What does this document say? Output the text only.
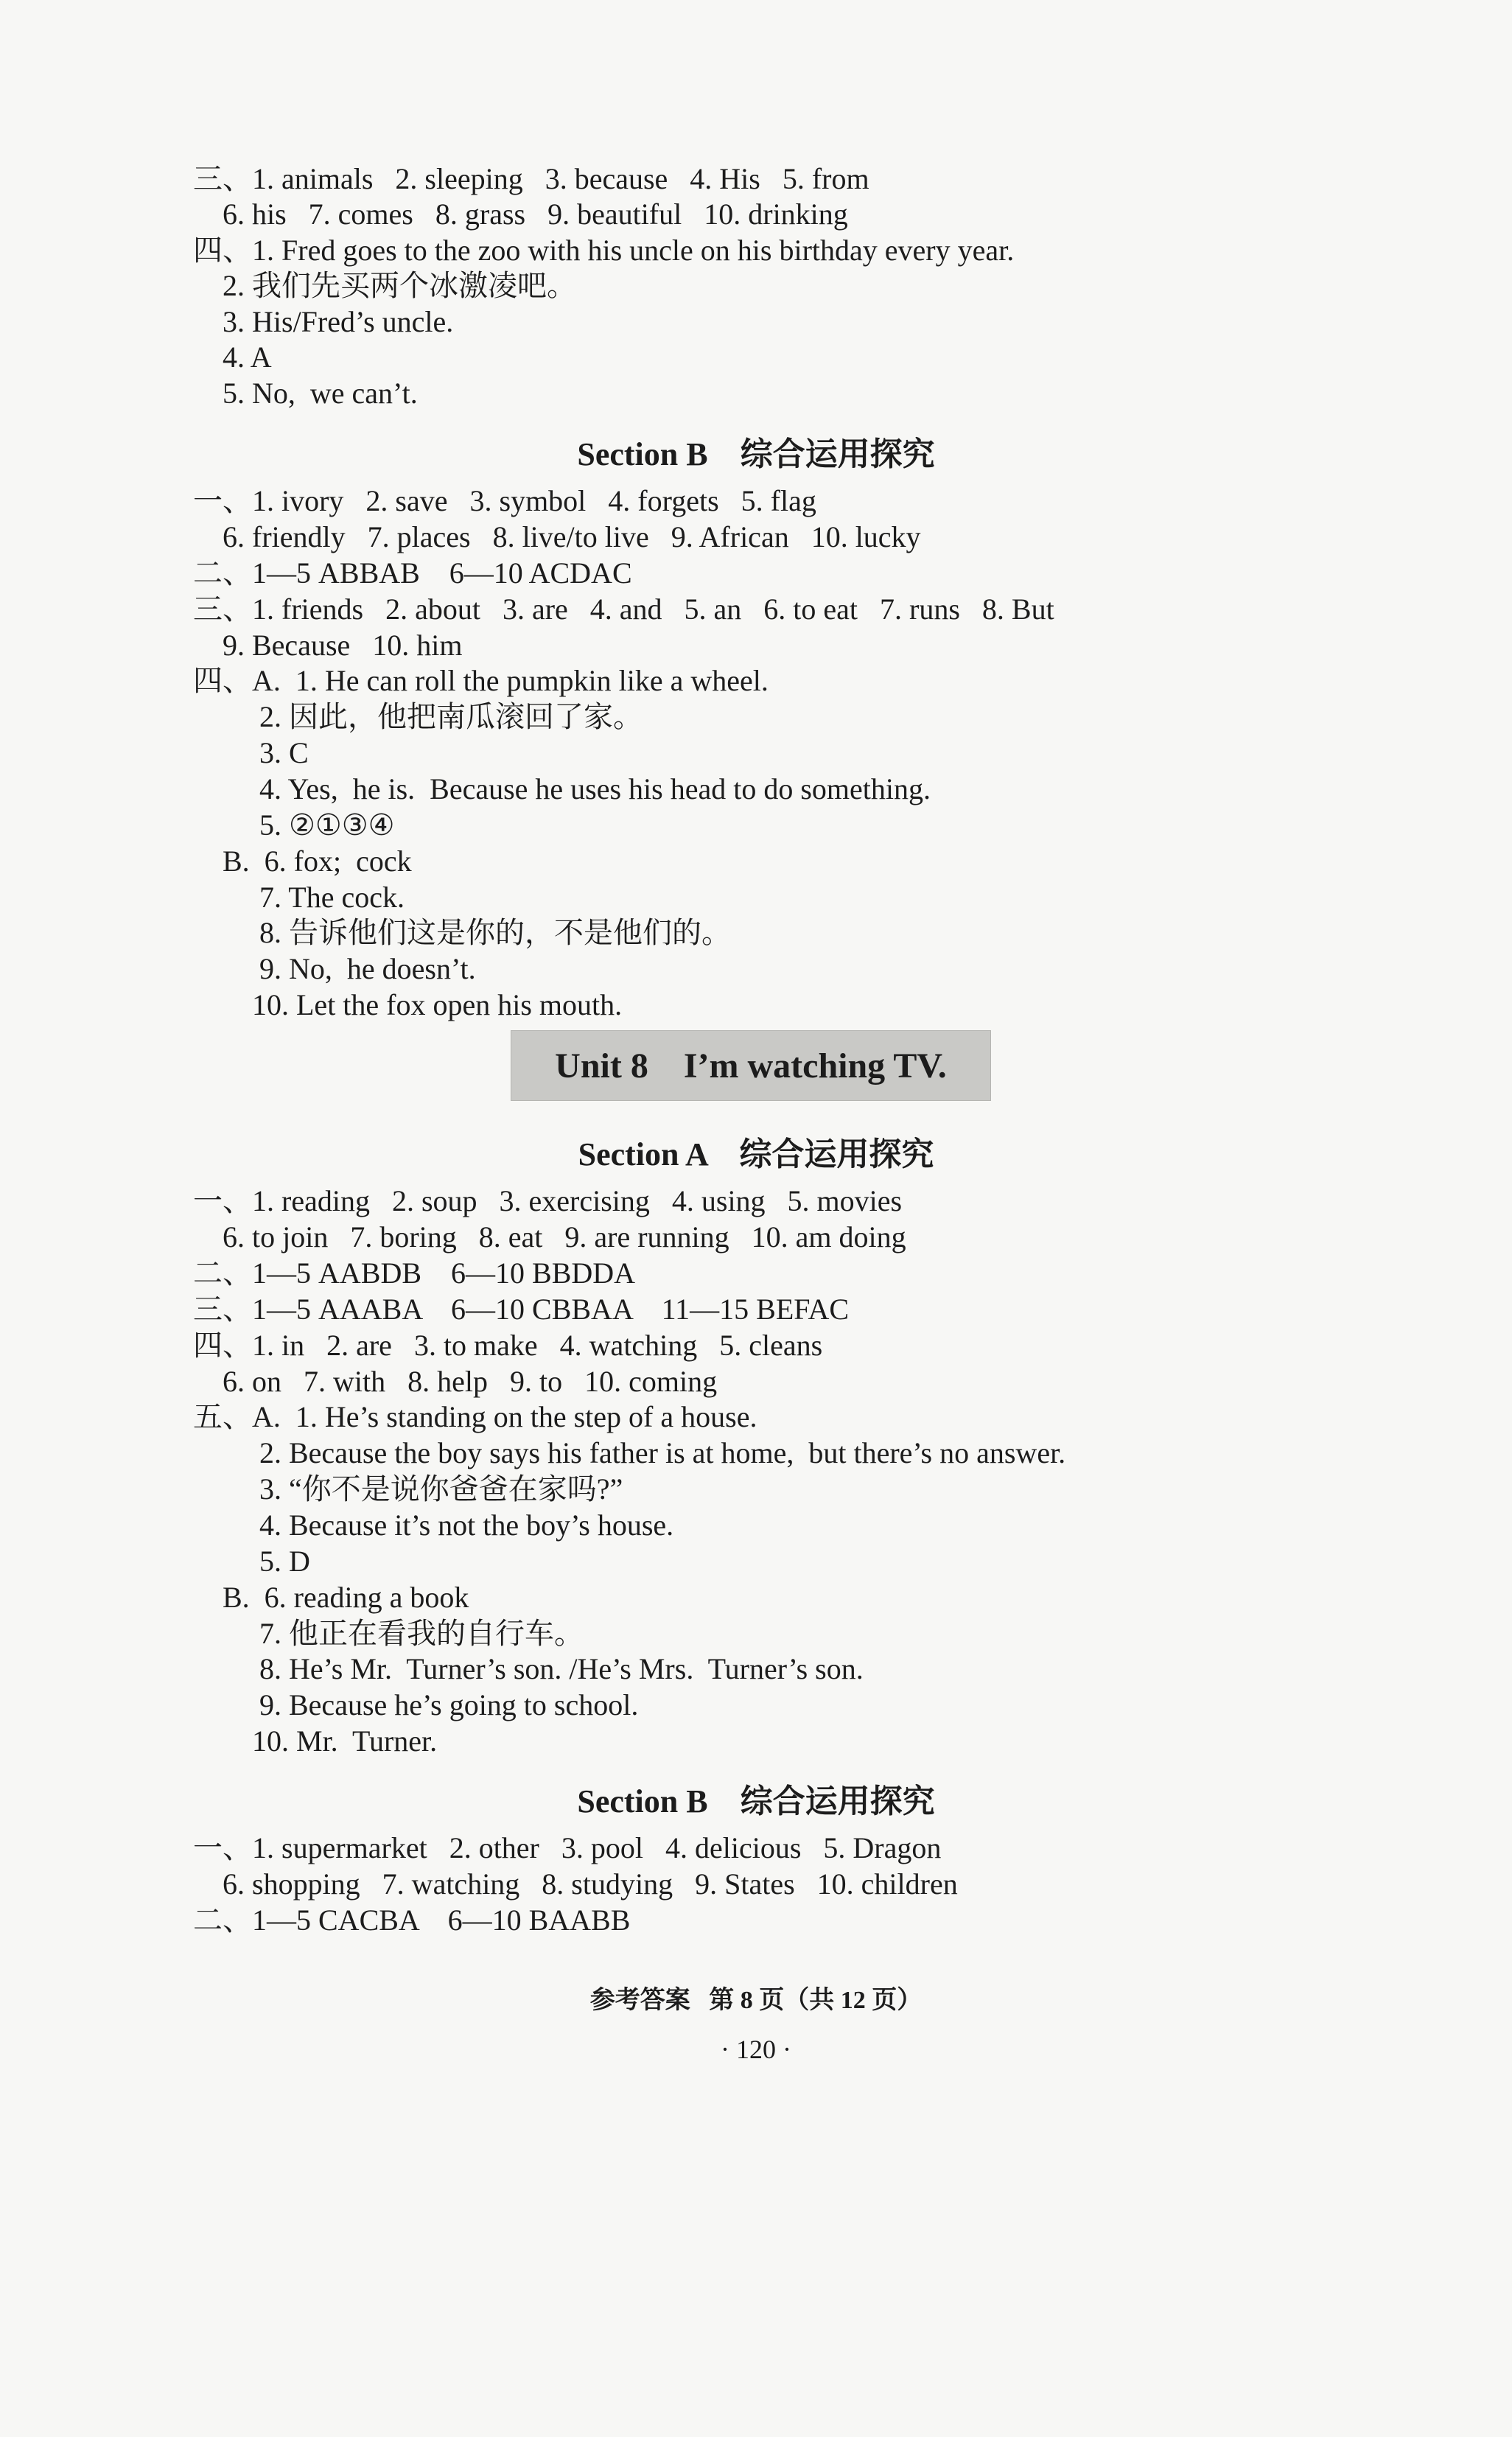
三、1. animals   2. sleeping   3. because   4. His   5. from
6. his   7. comes   8. grass   9. beautiful   10. drinking
四、1. Fred goes to the zoo with his uncle on his birthday every year.
2. 我们先买两个冰激凌吧。
3. His/Fred’s uncle.
4. A
5. No,  we can’t.
Section B    综合运用探究
一、1. ivory   2. save   3. symbol   4. forgets   5. flag
6. friendly   7. places   8. live/to live   9. African   10. lucky
二、1—5 ABBAB    6—10 ACDAC
三、1. friends   2. about   3. are   4. and   5. an   6. to eat   7. runs   8. But
9. Because   10. him
四、A.  1. He can roll the pumpkin like a wheel.
2. 因此，他把南瓜滚回了家。
3. C
4. Yes,  he is.  Because he uses his head to do something.
5. ②①③④
B.  6. fox;  cock
7. The cock.
8. 告诉他们这是你的，不是他们的。
9. No,  he doesn’t.
10. Let the fox open his mouth.
Unit 8    I’m watching TV.
Section A    综合运用探究
一、1. reading   2. soup   3. exercising   4. using   5. movies
6. to join   7. boring   8. eat   9. are running   10. am doing
二、1—5 AABDB    6—10 BBDDA
三、1—5 AAABA    6—10 CBBAA    11—15 BEFAC
四、1. in   2. are   3. to make   4. watching   5. cleans
6. on   7. with   8. help   9. to   10. coming
五、A.  1. He’s standing on the step of a house.
2. Because the boy says his father is at home,  but there’s no answer.
3. “你不是说你爸爸在家吗?”
4. Because it’s not the boy’s house.
5. D
B.  6. reading a book
7. 他正在看我的自行车。
8. He’s Mr.  Turner’s son. /He’s Mrs.  Turner’s son.
9. Because he’s going to school.
10. Mr.  Turner.
Section B    综合运用探究
一、1. supermarket   2. other   3. pool   4. delicious   5. Dragon
6. shopping   7. watching   8. studying   9. States   10. children
二、1—5 CACBA    6—10 BAABB
参考答案   第 8 页（共 12 页）
· 120 ·
